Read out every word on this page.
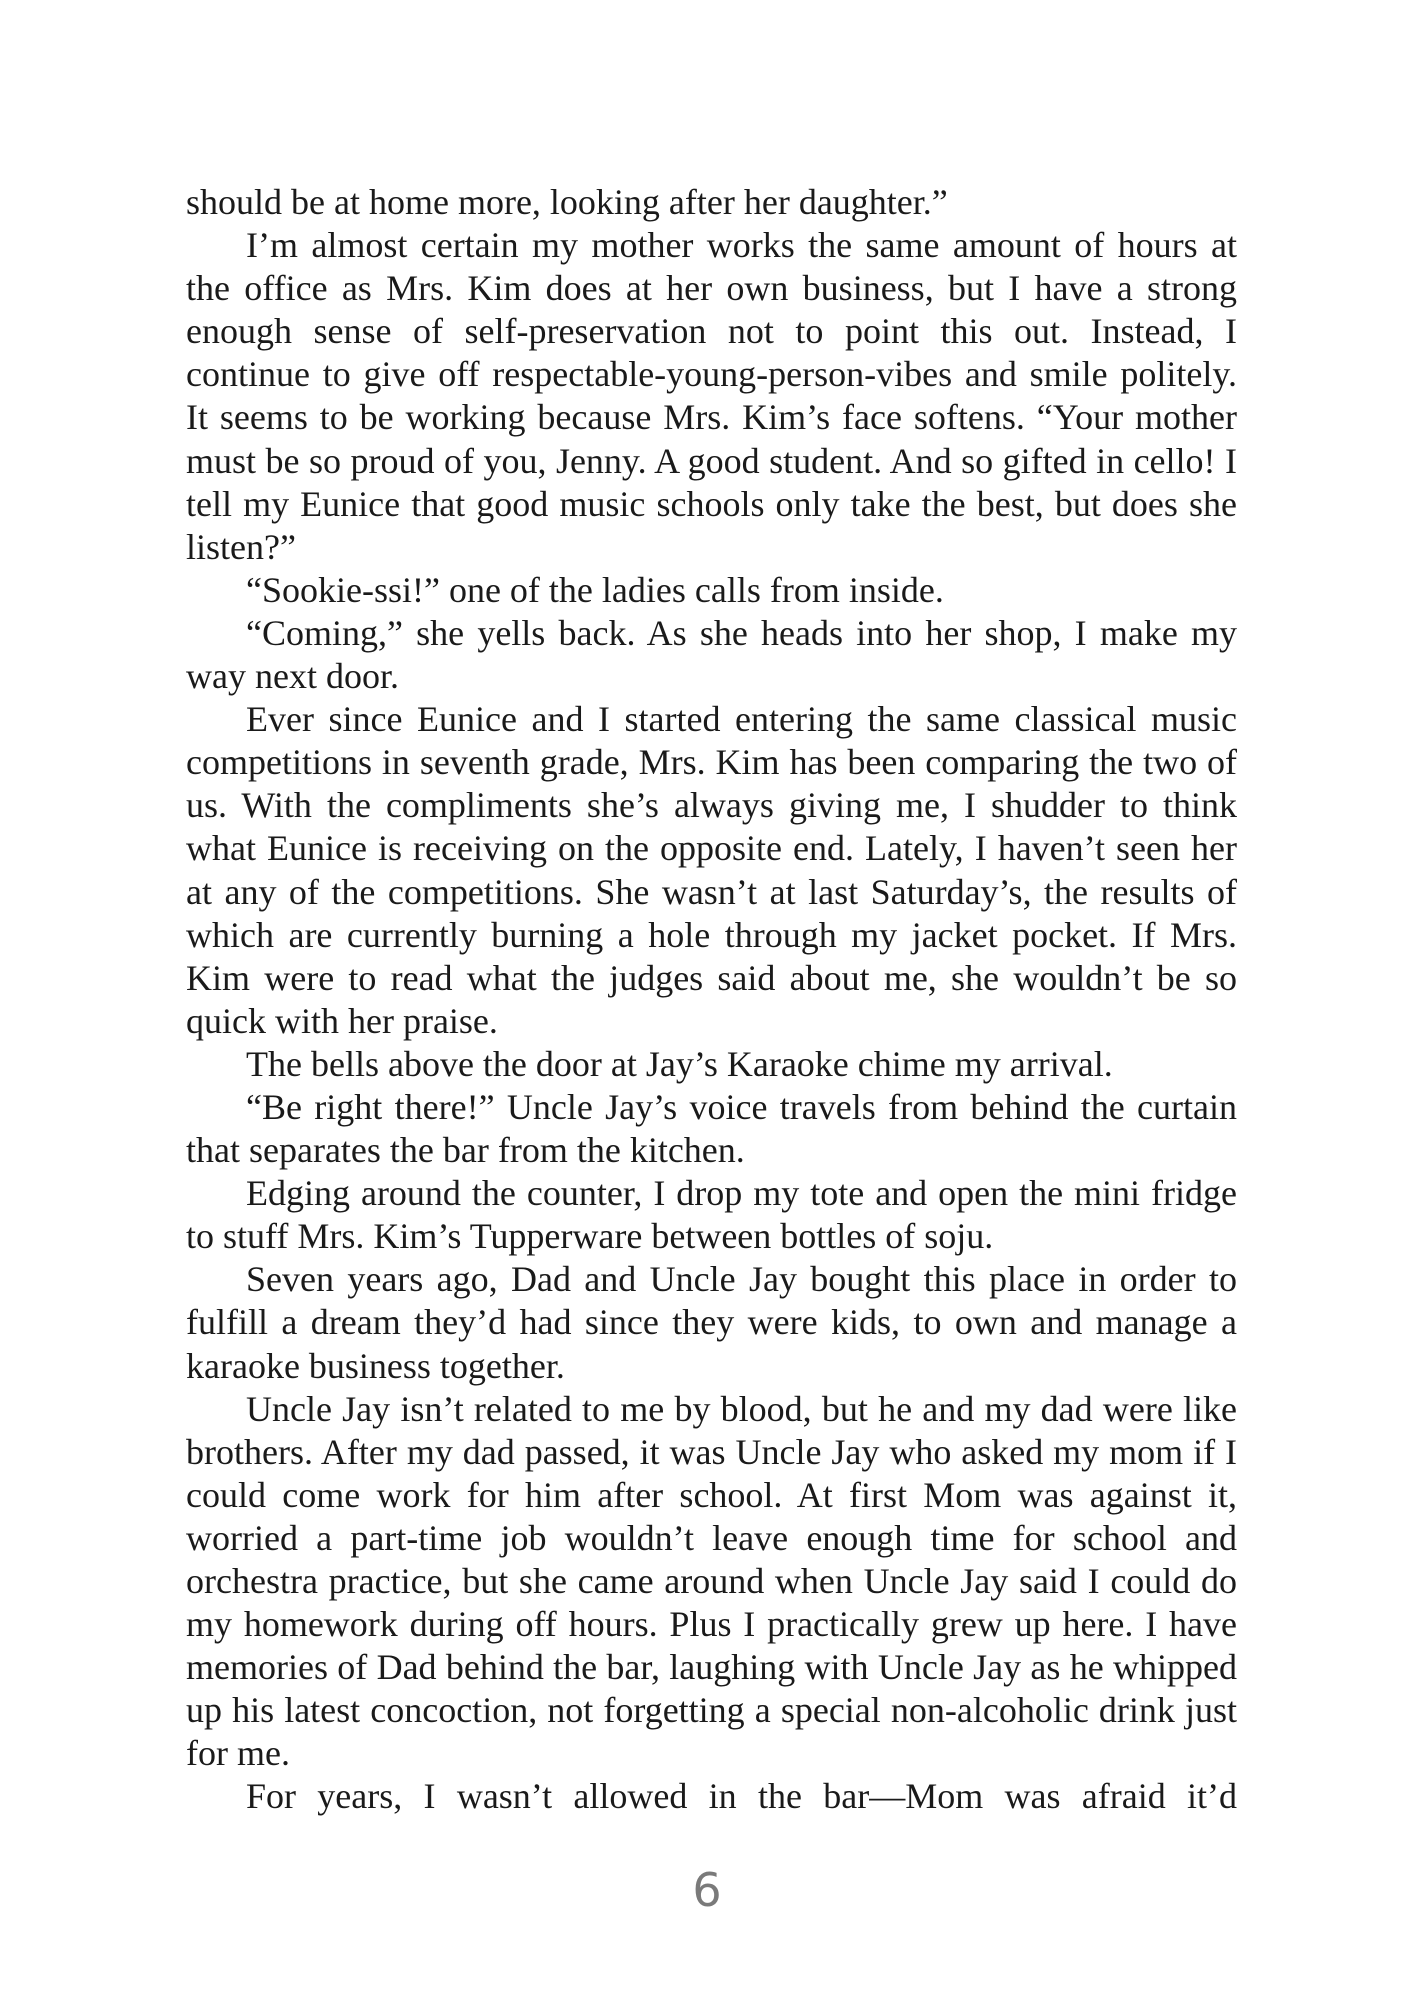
should be at home more, looking after her daughter.”

I’m almost certain my mother works the same amount of hours at the office as Mrs. Kim does at her own business, but I have a strong enough sense of self-preservation not to point this out. Instead, I continue to give off respectable-young-person-vibes and smile politely. It seems to be working because Mrs. Kim’s face softens. “Your mother must be so proud of you, Jenny. A good student. And so gifted in cello! I tell my Eunice that good music schools only take the best, but does she listen?”

“Sookie-ssi!” one of the ladies calls from inside.

“Coming,” she yells back. As she heads into her shop, I make my way next door.

Ever since Eunice and I started entering the same classical music competitions in seventh grade, Mrs. Kim has been comparing the two of us. With the compliments she’s always giving me, I shudder to think what Eunice is receiving on the opposite end. Lately, I haven’t seen her at any of the competitions. She wasn’t at last Saturday’s, the results of which are currently burning a hole through my jacket pocket. If Mrs. Kim were to read what the judges said about me, she wouldn’t be so quick with her praise.

The bells above the door at Jay’s Karaoke chime my arrival.

“Be right there!” Uncle Jay’s voice travels from behind the curtain that separates the bar from the kitchen.

Edging around the counter, I drop my tote and open the mini fridge to stuff Mrs. Kim’s Tupperware between bottles of soju.

Seven years ago, Dad and Uncle Jay bought this place in order to fulfill a dream they’d had since they were kids, to own and manage a karaoke business together.

Uncle Jay isn’t related to me by blood, but he and my dad were like brothers. After my dad passed, it was Uncle Jay who asked my mom if I could come work for him after school. At first Mom was against it, worried a part-time job wouldn’t leave enough time for school and orchestra practice, but she came around when Uncle Jay said I could do my homework during off hours. Plus I practically grew up here. I have memories of Dad behind the bar, laughing with Uncle Jay as he whipped up his latest concoction, not forgetting a special non-alcoholic drink just for me.

For years, I wasn’t allowed in the bar—Mom was afraid it’d

6
